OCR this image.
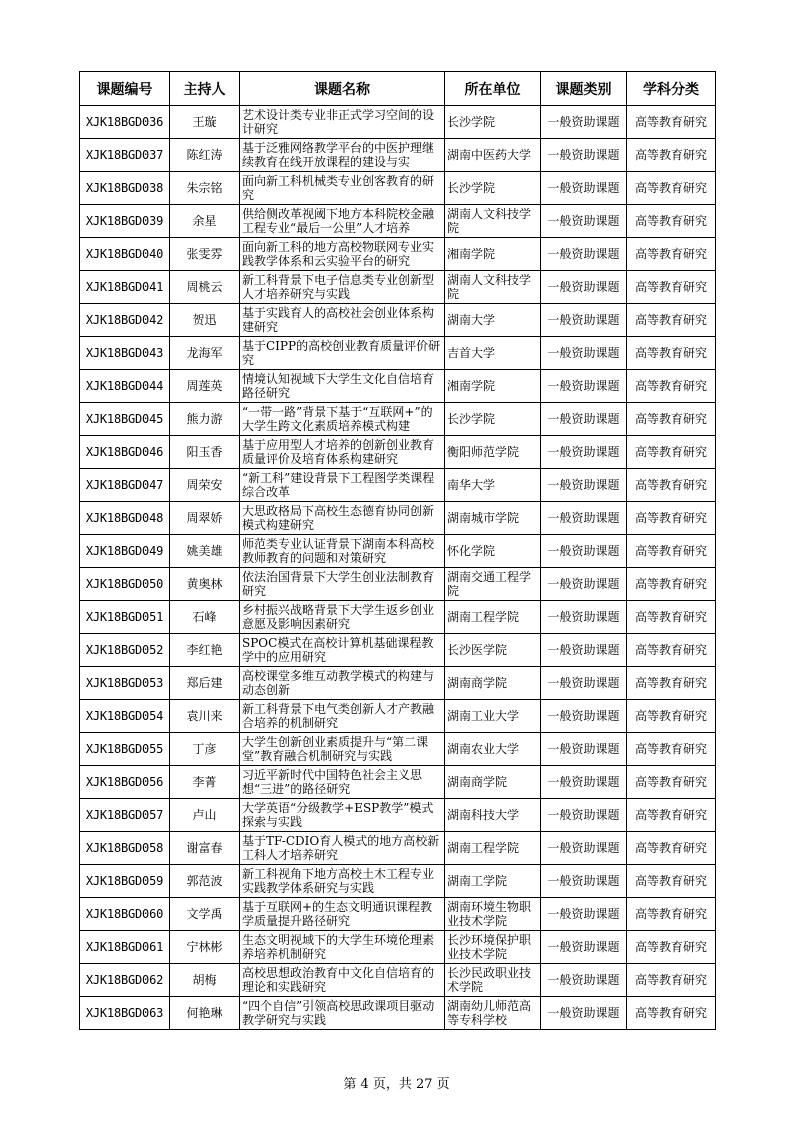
课题编号	主持人	课题名称	所在单位	课题类别	学科分类
XJK18BGD036	王璇	艺术设计类专业非正式学习空间的设计研究	长沙学院	一般资助课题	高等教育研究
XJK18BGD037	陈红涛	基于泛雅网络教学平台的中医护理继续教育在线开放课程的建设与实	湖南中医药大学	一般资助课题	高等教育研究
XJK18BGD038	朱宗铭	面向新工科机械类专业创客教育的研究	长沙学院	一般资助课题	高等教育研究
XJK18BGD039	余星	供给侧改革视阈下地方本科院校金融工程专业“最后一公里”人才培养	湖南人文科技学院	一般资助课题	高等教育研究
XJK18BGD040	张雯雰	面向新工科的地方高校物联网专业实践教学体系和云实验平台的研究	湘南学院	一般资助课题	高等教育研究
XJK18BGD041	周桃云	新工科背景下电子信息类专业创新型人才培养研究与实践	湖南人文科技学院	一般资助课题	高等教育研究
XJK18BGD042	贺迅	基于实践育人的高校社会创业体系构建研究	湖南大学	一般资助课题	高等教育研究
XJK18BGD043	龙海军	基于CIPP的高校创业教育质量评价研究	吉首大学	一般资助课题	高等教育研究
XJK18BGD044	周莲英	情境认知视域下大学生文化自信培育路径研究	湘南学院	一般资助课题	高等教育研究
XJK18BGD045	熊力游	“一带一路”背景下基于“互联网+”的大学生跨文化素质培养模式构建	长沙学院	一般资助课题	高等教育研究
XJK18BGD046	阳玉香	基于应用型人才培养的创新创业教育质量评价及培育体系构建研究	衡阳师范学院	一般资助课题	高等教育研究
XJK18BGD047	周荣安	“新工科”建设背景下工程图学类课程综合改革	南华大学	一般资助课题	高等教育研究
XJK18BGD048	周翠娇	大思政格局下高校生态德育协同创新模式构建研究	湖南城市学院	一般资助课题	高等教育研究
XJK18BGD049	姚美雄	师范类专业认证背景下湖南本科高校教师教育的问题和对策研究	怀化学院	一般资助课题	高等教育研究
XJK18BGD050	黄奥林	依法治国背景下大学生创业法制教育研究	湖南交通工程学院	一般资助课题	高等教育研究
XJK18BGD051	石峰	乡村振兴战略背景下大学生返乡创业意愿及影响因素研究	湖南工程学院	一般资助课题	高等教育研究
XJK18BGD052	李红艳	SPOC模式在高校计算机基础课程教学中的应用研究	长沙医学院	一般资助课题	高等教育研究
XJK18BGD053	郑后建	高校课堂多维互动教学模式的构建与动态创新	湖南商学院	一般资助课题	高等教育研究
XJK18BGD054	袁川来	新工科背景下电气类创新人才产教融合培养的机制研究	湖南工业大学	一般资助课题	高等教育研究
XJK18BGD055	丁彦	大学生创新创业素质提升与“第二课堂”教育融合机制研究与实践	湖南农业大学	一般资助课题	高等教育研究
XJK18BGD056	李菁	习近平新时代中国特色社会主义思想“三进”的路径研究	湖南商学院	一般资助课题	高等教育研究
XJK18BGD057	卢山	大学英语“分级教学+ESP教学”模式探索与实践	湖南科技大学	一般资助课题	高等教育研究
XJK18BGD058	谢富春	基于TF-CDIO育人模式的地方高校新工科人才培养研究	湖南工程学院	一般资助课题	高等教育研究
XJK18BGD059	郭范波	新工科视角下地方高校土木工程专业实践教学体系研究与实践	湖南工学院	一般资助课题	高等教育研究
XJK18BGD060	文学禹	基于互联网+的生态文明通识课程教学质量提升路径研究	湖南环境生物职业技术学院	一般资助课题	高等教育研究
XJK18BGD061	宁林彬	生态文明视域下的大学生环境伦理素养培养机制研究	长沙环境保护职业技术学院	一般资助课题	高等教育研究
XJK18BGD062	胡梅	高校思想政治教育中文化自信培育的理论和实践研究	长沙民政职业技术学院	一般资助课题	高等教育研究
XJK18BGD063	何艳琳	“四个自信”引领高校思政课项目驱动教学研究与实践	湖南幼儿师范高等专科学校	一般资助课题	高等教育研究
第 4 页，共 27 页
